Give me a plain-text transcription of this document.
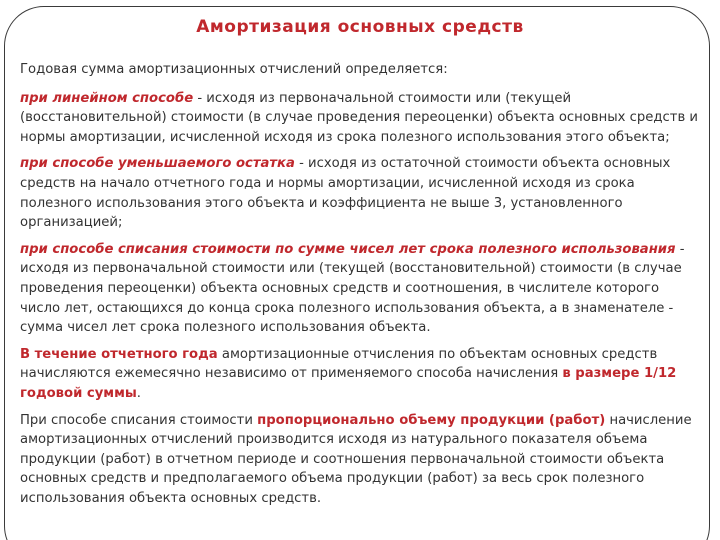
Амортизация основных средств

Годовая сумма амортизационных отчислений определяется:

при линейном способе - исходя из первоначальной стоимости или (текущей (восстановительной) стоимости (в случае проведения переоценки) объекта основных средств и нормы амортизации, исчисленной исходя из срока полезного использования этого объекта;

при способе уменьшаемого остатка - исходя из остаточной стоимости объекта основных средств на начало отчетного года и нормы амортизации, исчисленной исходя из срока полезного использования этого объекта и коэффициента не выше 3, установленного организацией;

при способе списания стоимости по сумме чисел лет срока полезного использования - исходя из первоначальной стоимости или (текущей (восстановительной) стоимости (в случае проведения переоценки) объекта основных средств и соотношения, в числителе которого число лет, остающихся до конца срока полезного использования объекта, а в знаменателе - сумма чисел лет срока полезного использования объекта.

В течение отчетного года амортизационные отчисления по объектам основных средств начисляются ежемесячно независимо от применяемого способа начисления в размере 1/12 годовой суммы.

При способе списания стоимости пропорционально объему продукции (работ) начисление амортизационных отчислений производится исходя из натурального показателя объема продукции (работ) в отчетном периоде и соотношения первоначальной стоимости объекта основных средств и предполагаемого объема продукции (работ) за весь срок полезного использования объекта основных средств.
